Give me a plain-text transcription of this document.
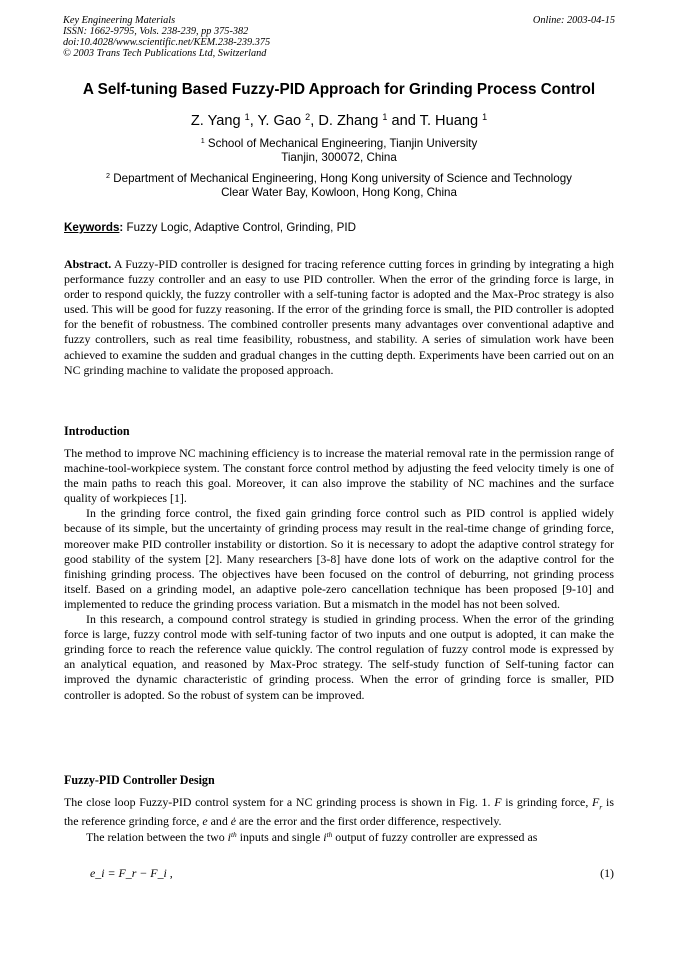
Key Engineering Materials
ISSN: 1662-9795, Vols. 238-239, pp 375-382
doi:10.4028/www.scientific.net/KEM.238-239.375
© 2003 Trans Tech Publications Ltd, Switzerland
Online: 2003-04-15
A Self-tuning Based Fuzzy-PID Approach for Grinding Process Control
Z. Yang $^1$, Y. Gao $^2$, D. Zhang $^1$ and T. Huang $^1$
$^1$ School of Mechanical Engineering, Tianjin University
Tianjin, 300072, China
$^2$ Department of Mechanical Engineering, Hong Kong university of Science and Technology
Clear Water Bay, Kowloon, Hong Kong, China
Keywords: Fuzzy Logic, Adaptive Control, Grinding, PID
Abstract. A Fuzzy-PID controller is designed for tracing reference cutting forces in grinding by integrating a high performance fuzzy controller and an easy to use PID controller. When the error of the grinding force is large, in order to respond quickly, the fuzzy controller with a self-tuning factor is adopted and the Max-Proc strategy is also used. This will be good for fuzzy reasoning. If the error of the grinding force is small, the PID controller is adopted for the benefit of robustness. The combined controller presents many advantages over conventional adaptive and fuzzy controllers, such as real time feasibility, robustness, and stability. A series of simulation work have been achieved to examine the sudden and gradual changes in the cutting depth. Experiments have been carried out on an NC grinding machine to validate the proposed approach.
Introduction
The method to improve NC machining efficiency is to increase the material removal rate in the permission range of machine-tool-workpiece system. The constant force control method by adjusting the feed velocity timely is one of the main paths to reach this goal. Moreover, it can also improve the stability of NC machines and the surface quality of workpieces [1].
In the grinding force control, the fixed gain grinding force control such as PID control is applied widely because of its simple, but the uncertainty of grinding process may result in the real-time change of grinding force, moreover make PID controller instability or distortion. So it is necessary to adopt the adaptive control strategy for good stability of the system [2]. Many researchers [3-8] have done lots of work on the adaptive control for the finishing grinding process. The objectives have been focused on the control of deburring, not grinding process itself. Based on a grinding model, an adaptive pole-zero cancellation technique has been proposed [9-10] and implemented to reduce the grinding process variation. But a mismatch in the model has not been solved.
In this research, a compound control strategy is studied in grinding process. When the error of the grinding force is large, fuzzy control mode with self-tuning factor of two inputs and one output is adopted, it can make the grinding force to reach the reference value quickly. The control regulation of fuzzy control mode is expressed by an analytical equation, and reasoned by Max-Proc strategy. The self-study function of Self-tuning factor can improved the dynamic characteristic of grinding process. When the error of grinding force is smaller, PID controller is adopted. So the robust of system can be improved.
Fuzzy-PID Controller Design
The close loop Fuzzy-PID control system for a NC grinding process is shown in Fig. 1. F is grinding force, $F_r$ is the reference grinding force, e and ė are the error and the first order difference, respectively.
The relation between the two $i^{th}$ inputs and single $i^{th}$ output of fuzzy controller are expressed as
e_i = F_r − F_i ,	(1)
